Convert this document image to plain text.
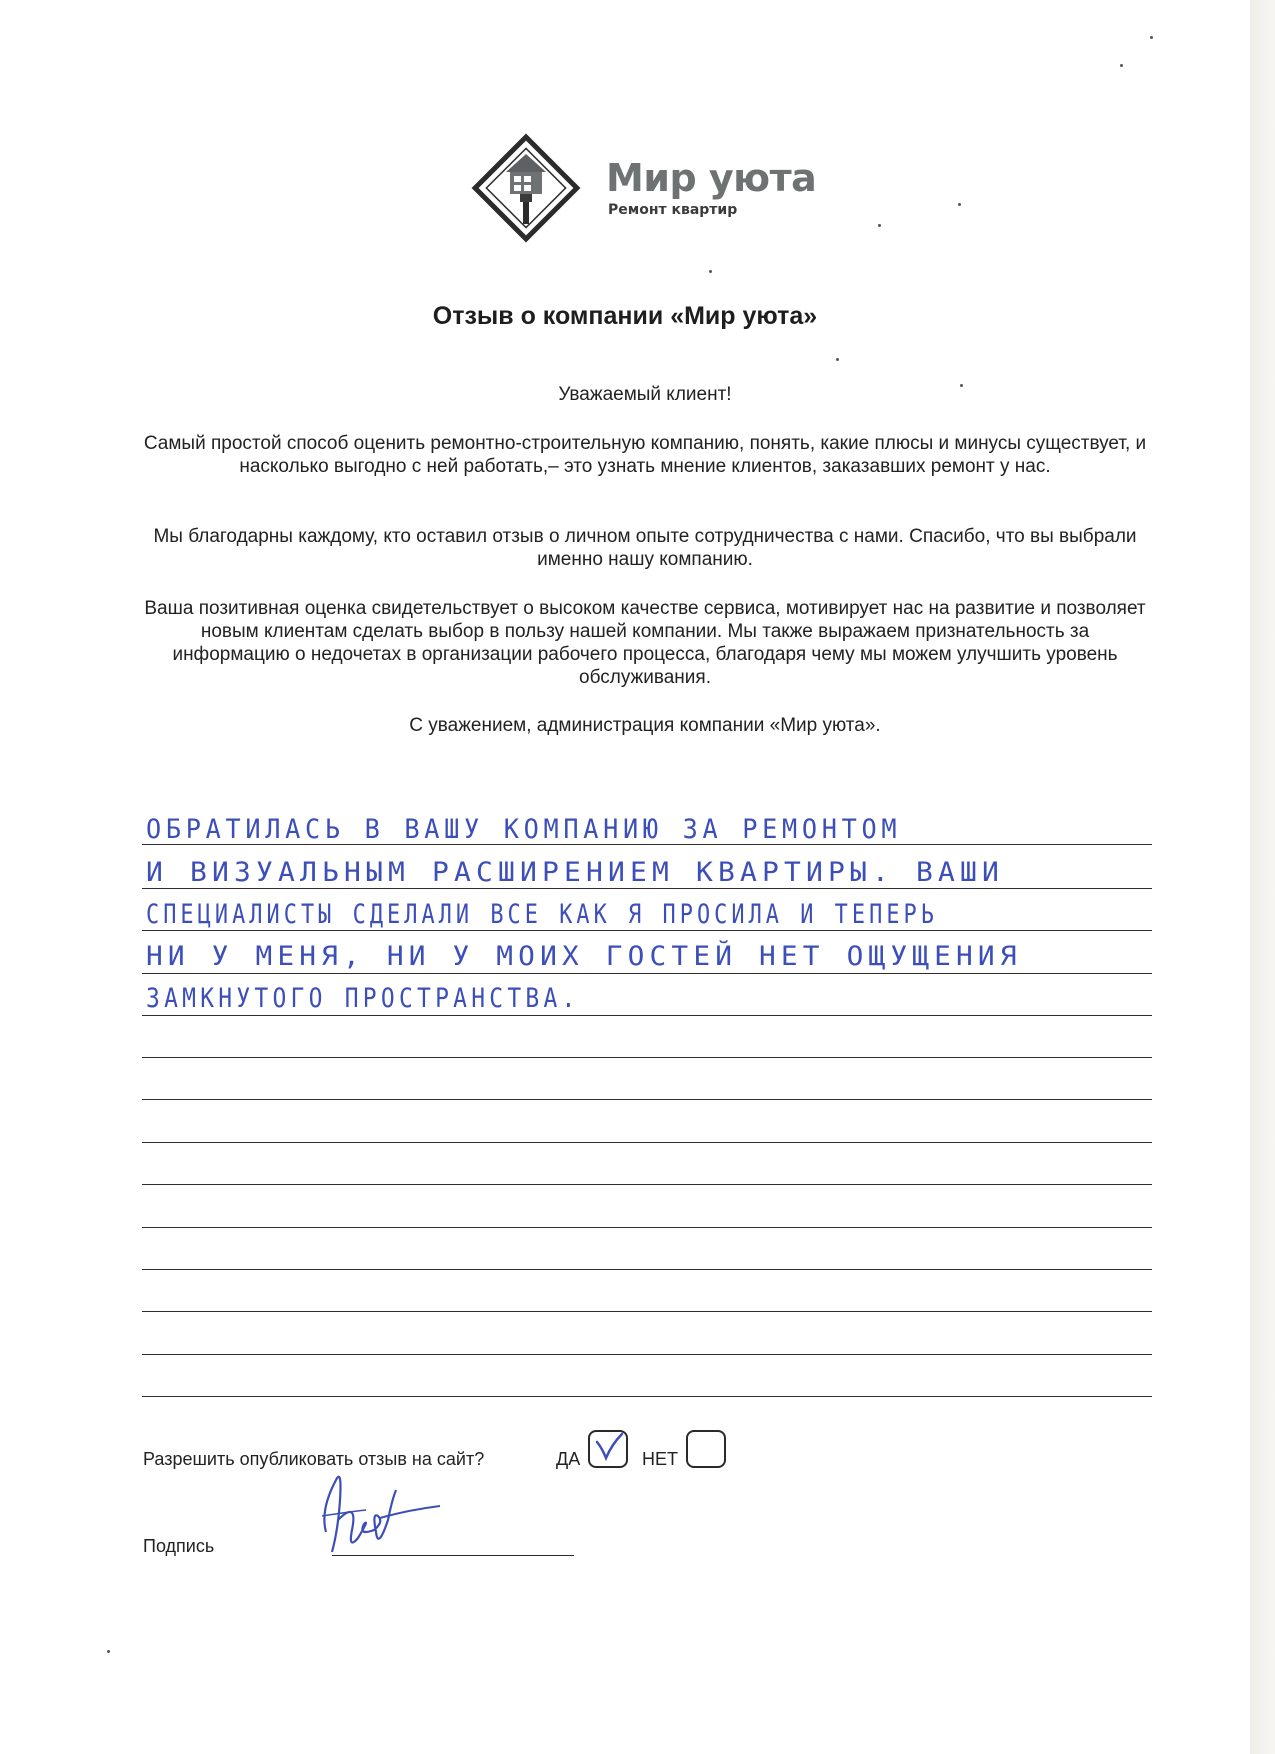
Мир уюта
Ремонт квартир
Отзыв о компании «Мир уюта»
Уважаемый клиент!

Самый простой способ оценить ремонтно-строительную компанию, понять, какие плюсы и минусы существует, и насколько выгодно с ней работать,– это узнать мнение клиентов, заказавших ремонт у нас.

Мы благодарны каждому, кто оставил отзыв о личном опыте сотрудничества с нами. Спасибо, что вы выбрали именно нашу компанию.

Ваша позитивная оценка свидетельствует о высоком качестве сервиса, мотивирует нас на развитие и позволяет новым клиентам сделать выбор в пользу нашей компании. Мы также выражаем признательность за информацию о недочетах в организации рабочего процесса, благодаря чему мы можем улучшить уровень обслуживания.

С уважением, администрация компании «Мир уюта».
ОБРАТИЛАСЬ В ВАШУ КОМПАНИЮ ЗА РЕМОНТОМ
И ВИЗУАЛЬНЫМ РАСШИРЕНИЕМ КВАРТИРЫ. ВАШИ
СПЕЦИАЛИСТЫ СДЕЛАЛИ ВСЕ КАК Я ПРОСИЛА И ТЕПЕРЬ
НИ У МЕНЯ, НИ У МОИХ ГОСТЕЙ НЕТ ОЩУЩЕНИЯ
ЗАМКНУТОГО ПРОСТРАНСТВА.
Разрешить опубликовать отзыв на сайт?	ДА	НЕТ
Подпись
